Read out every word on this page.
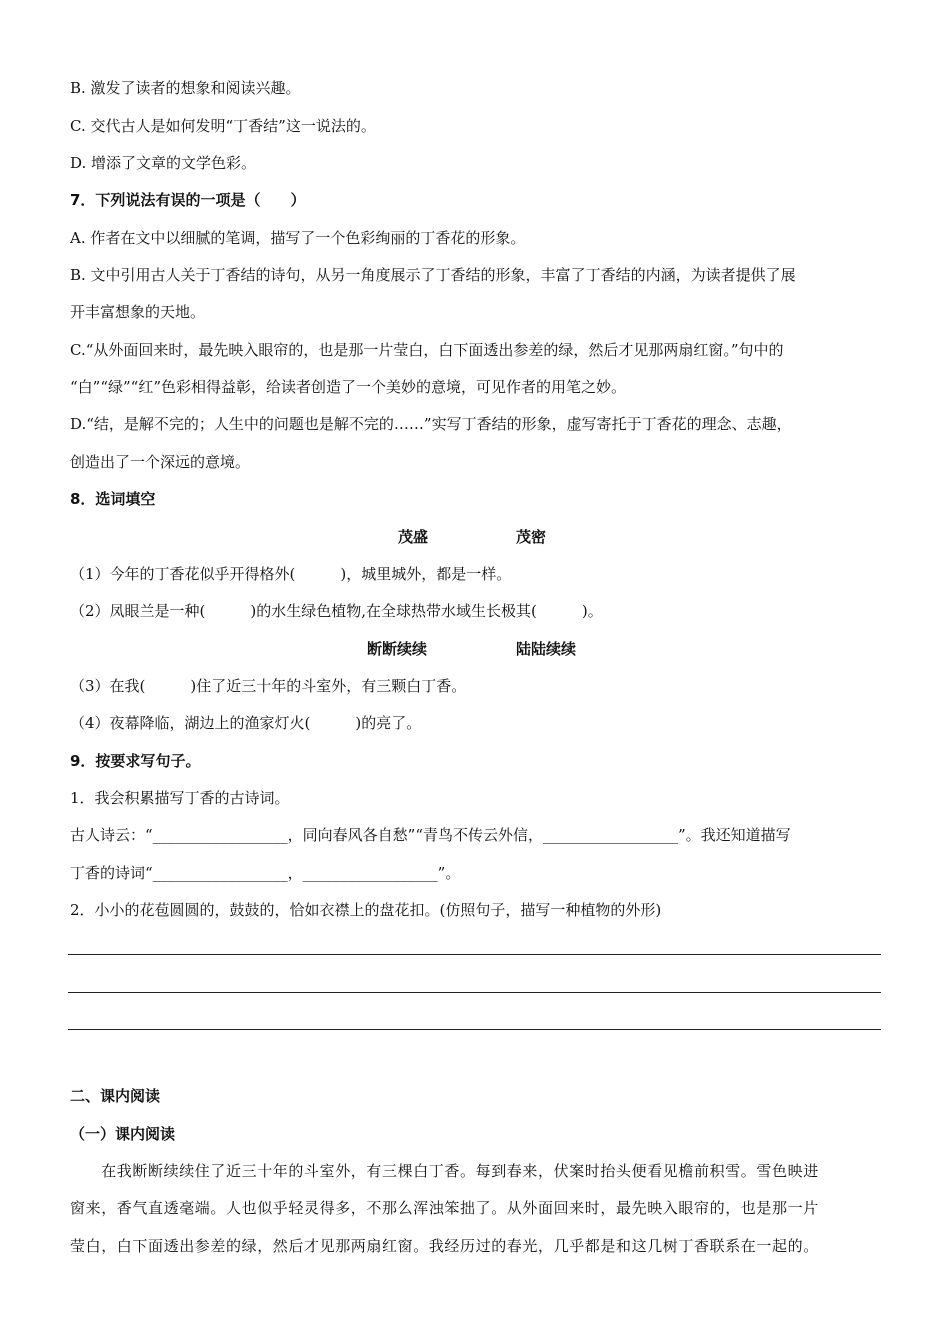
B. 激发了读者的想象和阅读兴趣。
C. 交代古人是如何发明“丁香结”这一说法的。
D. 增添了文章的文学色彩。
7．下列说法有误的一项是（　　）
A. 作者在文中以细腻的笔调，描写了一个色彩绚丽的丁香花的形象。
B. 文中引用古人关于丁香结的诗句，从另一角度展示了丁香结的形象，丰富了丁香结的内涵，为读者提供了展
开丰富想象的天地。
C.“从外面回来时，最先映入眼帘的，也是那一片莹白，白下面透出参差的绿，然后才见那两扇红窗。”句中的
“白”“绿”“红”色彩相得益彰，给读者创造了一个美妙的意境，可见作者的用笔之妙。
D.“结，是解不完的；人生中的问题也是解不完的……”实写丁香结的形象，虚写寄托于丁香花的理念、志趣，
创造出了一个深远的意境。
8．选词填空
茂盛	茂密
（1）今年的丁香花似乎开得格外(　　　)，城里城外，都是一样。
（2）凤眼兰是一种(　　　)的水生绿色植物,在全球热带水域生长极其(　　　)。
断断续续	陆陆续续
（3）在我(　　　)住了近三十年的斗室外，有三颗白丁香。
（4）夜幕降临，湖边上的渔家灯火(　　　)的亮了。
9．按要求写句子。
1．我会积累描写丁香的古诗词。
古人诗云：“__________________，同向春风各自愁”“青鸟不传云外信，__________________”。我还知道描写
丁香的诗词“__________________，__________________”。
2．小小的花苞圆圆的，鼓鼓的，恰如衣襟上的盘花扣。(仿照句子，描写一种植物的外形)
二、课内阅读
（一）课内阅读
　　在我断断续续住了近三十年的斗室外，有三棵白丁香。每到春来，伏案时抬头便看见檐前积雪。雪色映进
窗来，香气直透毫端。人也似乎轻灵得多，不那么浑浊笨拙了。从外面回来时，最先映入眼帘的，也是那一片
莹白，白下面透出参差的绿，然后才见那两扇红窗。我经历过的春光，几乎都是和这几树丁香联系在一起的。
